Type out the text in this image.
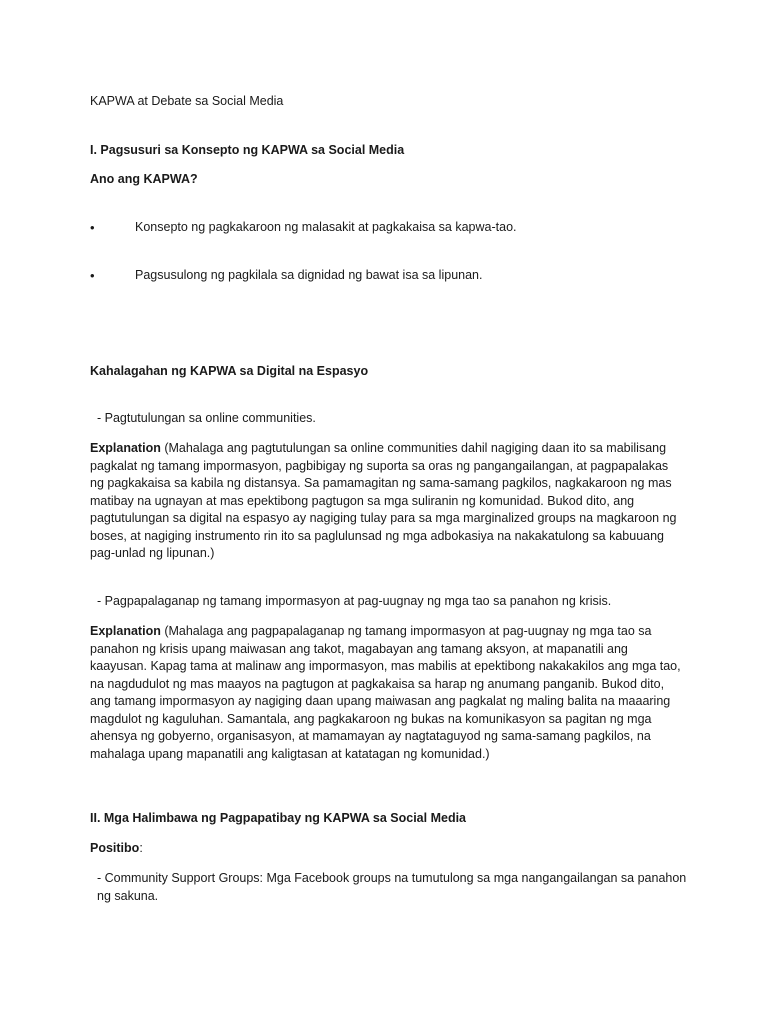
KAPWA at Debate sa Social Media

I. Pagsusuri sa Konsepto ng KAPWA sa Social Media

Ano ang KAPWA?

•	Konsepto ng pagkakaroon ng malasakit at pagkakaisa sa kapwa-tao.
•	Pagsusulong ng pagkilala sa dignidad ng bawat isa sa lipunan.

Kahalagahan ng KAPWA sa Digital na Espasyo

- Pagtutulungan sa online communities.

Explanation (Mahalaga ang pagtutulungan sa online communities dahil nagiging daan ito sa mabilisang pagkalat ng tamang impormasyon, pagbibigay ng suporta sa oras ng pangangailangan, at pagpapalakas ng pagkakaisa sa kabila ng distansya. Sa pamamagitan ng sama-samang pagkilos, nagkakaroon ng mas matibay na ugnayan at mas epektibong pagtugon sa mga suliranin ng komunidad. Bukod dito, ang pagtutulungan sa digital na espasyo ay nagiging tulay para sa mga marginalized groups na magkaroon ng boses, at nagiging instrumento rin ito sa paglulunsad ng mga adbokasiya na nakakatulong sa kabuuang pag-unlad ng lipunan.)

- Pagpapalaganap ng tamang impormasyon at pag-uugnay ng mga tao sa panahon ng krisis.

Explanation (Mahalaga ang pagpapalaganap ng tamang impormasyon at pag-uugnay ng mga tao sa panahon ng krisis upang maiwasan ang takot, magabayan ang tamang aksyon, at mapanatili ang kaayusan. Kapag tama at malinaw ang impormasyon, mas mabilis at epektibong nakakakilos ang mga tao, na nagdudulot ng mas maayos na pagtugon at pagkakaisa sa harap ng anumang panganib. Bukod dito, ang tamang impormasyon ay nagiging daan upang maiwasan ang pagkalat ng maling balita na maaaring magdulot ng kaguluhan. Samantala, ang pagkakaroon ng bukas na komunikasyon sa pagitan ng mga ahensya ng gobyerno, organisasyon, at mamamayan ay nagtataguyod ng sama-samang pagkilos, na mahalaga upang mapanatili ang kaligtasan at katatagan ng komunidad.)

II. Mga Halimbawa ng Pagpapatibay ng KAPWA sa Social Media

Positibo:

- Community Support Groups: Mga Facebook groups na tumutulong sa mga nangangailangan sa panahon ng sakuna.
